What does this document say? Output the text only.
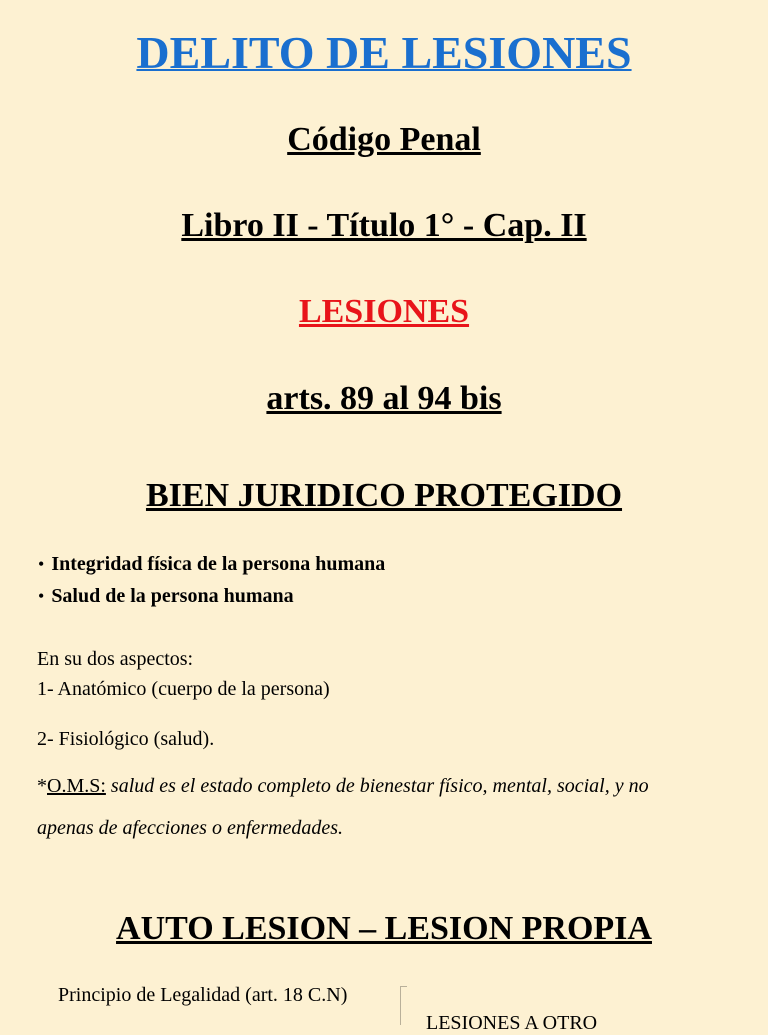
DELITO DE LESIONES
Código Penal
Libro II - Título 1° - Cap. II
LESIONES
arts. 89 al 94 bis
BIEN JURIDICO PROTEGIDO
• Integridad física de la persona humana
• Salud de la persona humana
En su dos aspectos:
1- Anatómico (cuerpo de la persona)
2- Fisiológico (salud).
*O.M.S: salud es el estado completo de bienestar físico, mental, social, y no
apenas de afecciones o enfermedades.
AUTO LESION – LESION PROPIA
Principio de Legalidad (art. 18 C.N)
LESIONES A OTRO
